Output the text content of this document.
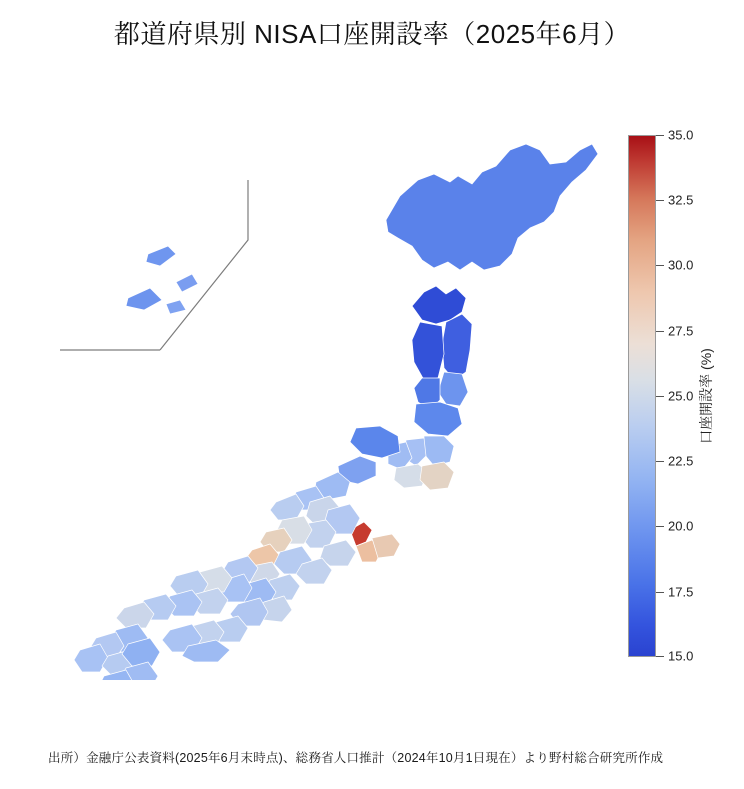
都道府県別 NISA口座開設率（2025年6月）
35.0
32.5
30.0
27.5
25.0
22.5
20.0
17.5
15.0
口座開設率 (%)
出所）金融庁公表資料(2025年6月末時点)、総務省人口推計（2024年10月1日現在）より野村総合研究所作成
